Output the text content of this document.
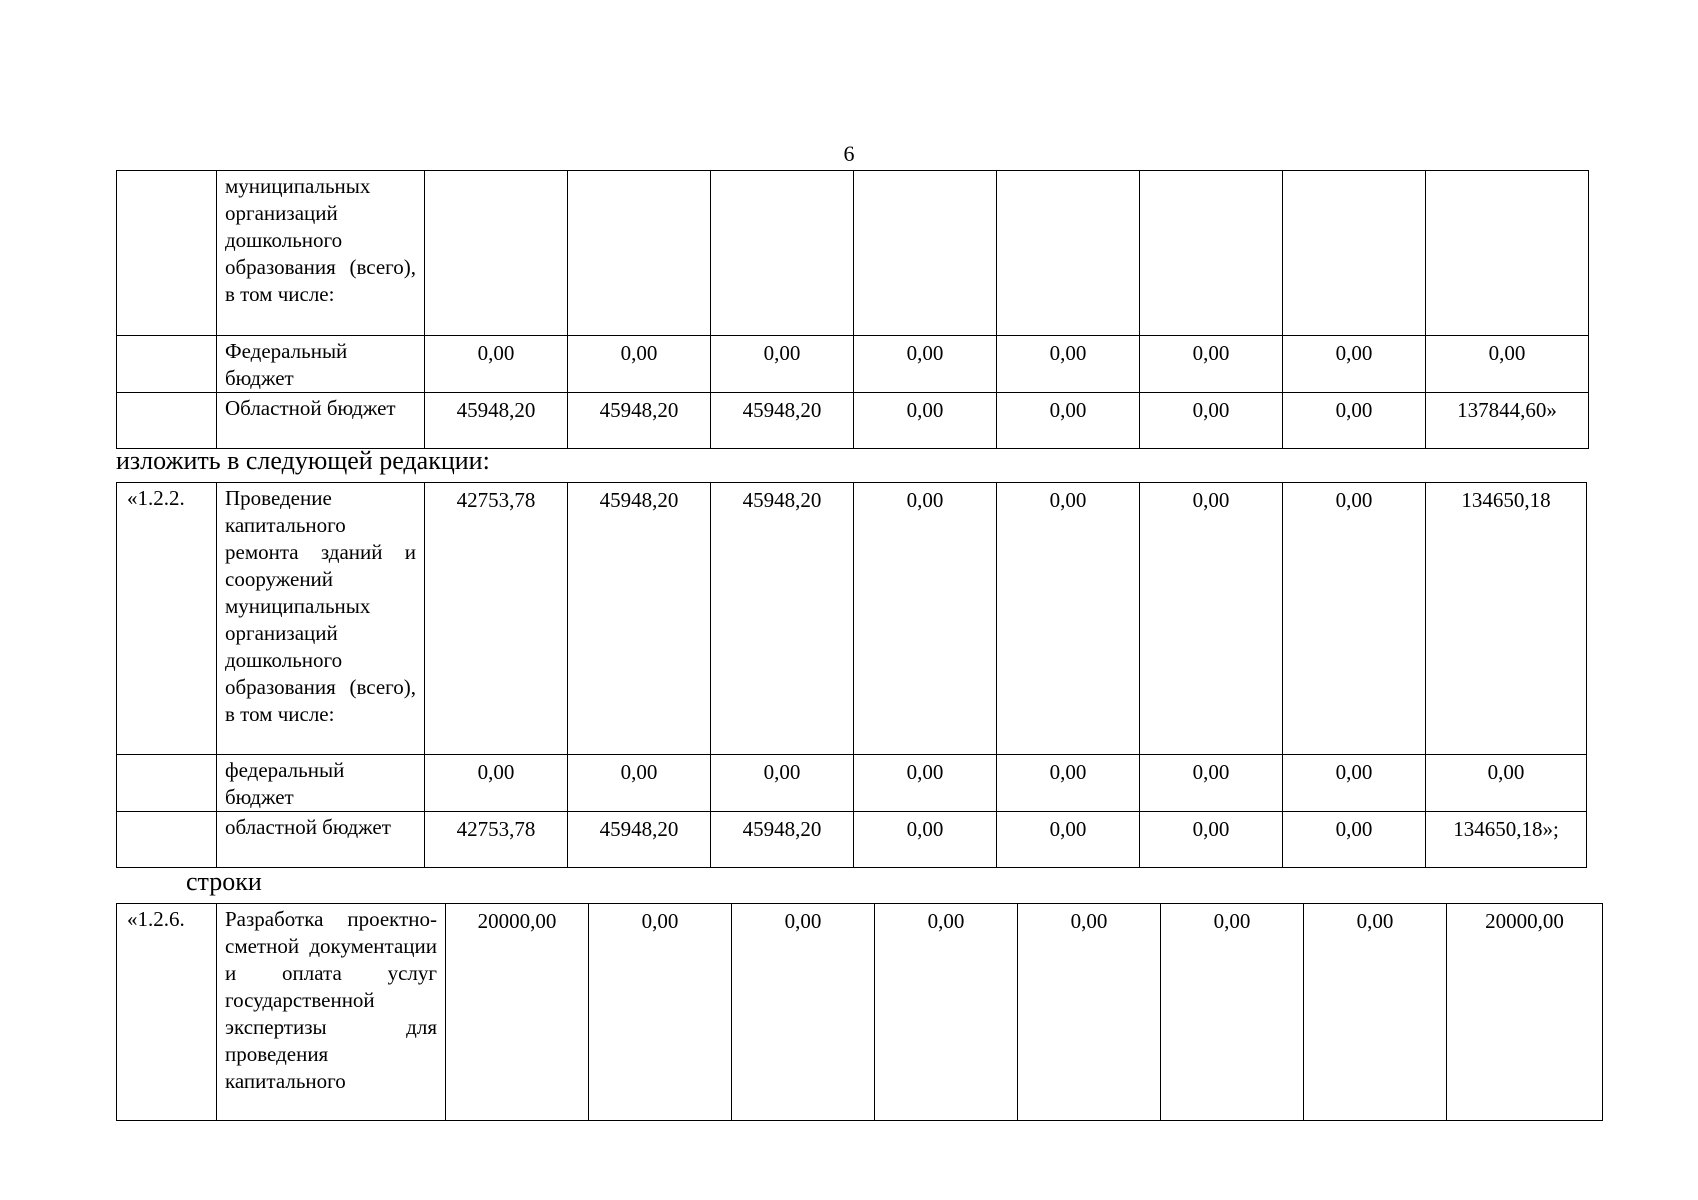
6
	муниципальных организаций дошкольного образования (всего), в том числе:								
	Федеральный бюджет	0,00	0,00	0,00	0,00	0,00	0,00	0,00	0,00
	Областной бюджет	45948,20	45948,20	45948,20	0,00	0,00	0,00	0,00	137844,60»
изложить в следующей редакции:
«1.2.2.	Проведение капитального ремонта зданий и сооружений муниципальных организаций дошкольного образования (всего), в том числе:	42753,78	45948,20	45948,20	0,00	0,00	0,00	0,00	134650,18
	федеральный бюджет	0,00	0,00	0,00	0,00	0,00	0,00	0,00	0,00
	областной бюджет	42753,78	45948,20	45948,20	0,00	0,00	0,00	0,00	134650,18»;
строки
«1.2.6.	Разработка проектно-сметной документации и оплата услуг государственной экспертизы для проведения капитального	20000,00	0,00	0,00	0,00	0,00	0,00	0,00	20000,00
